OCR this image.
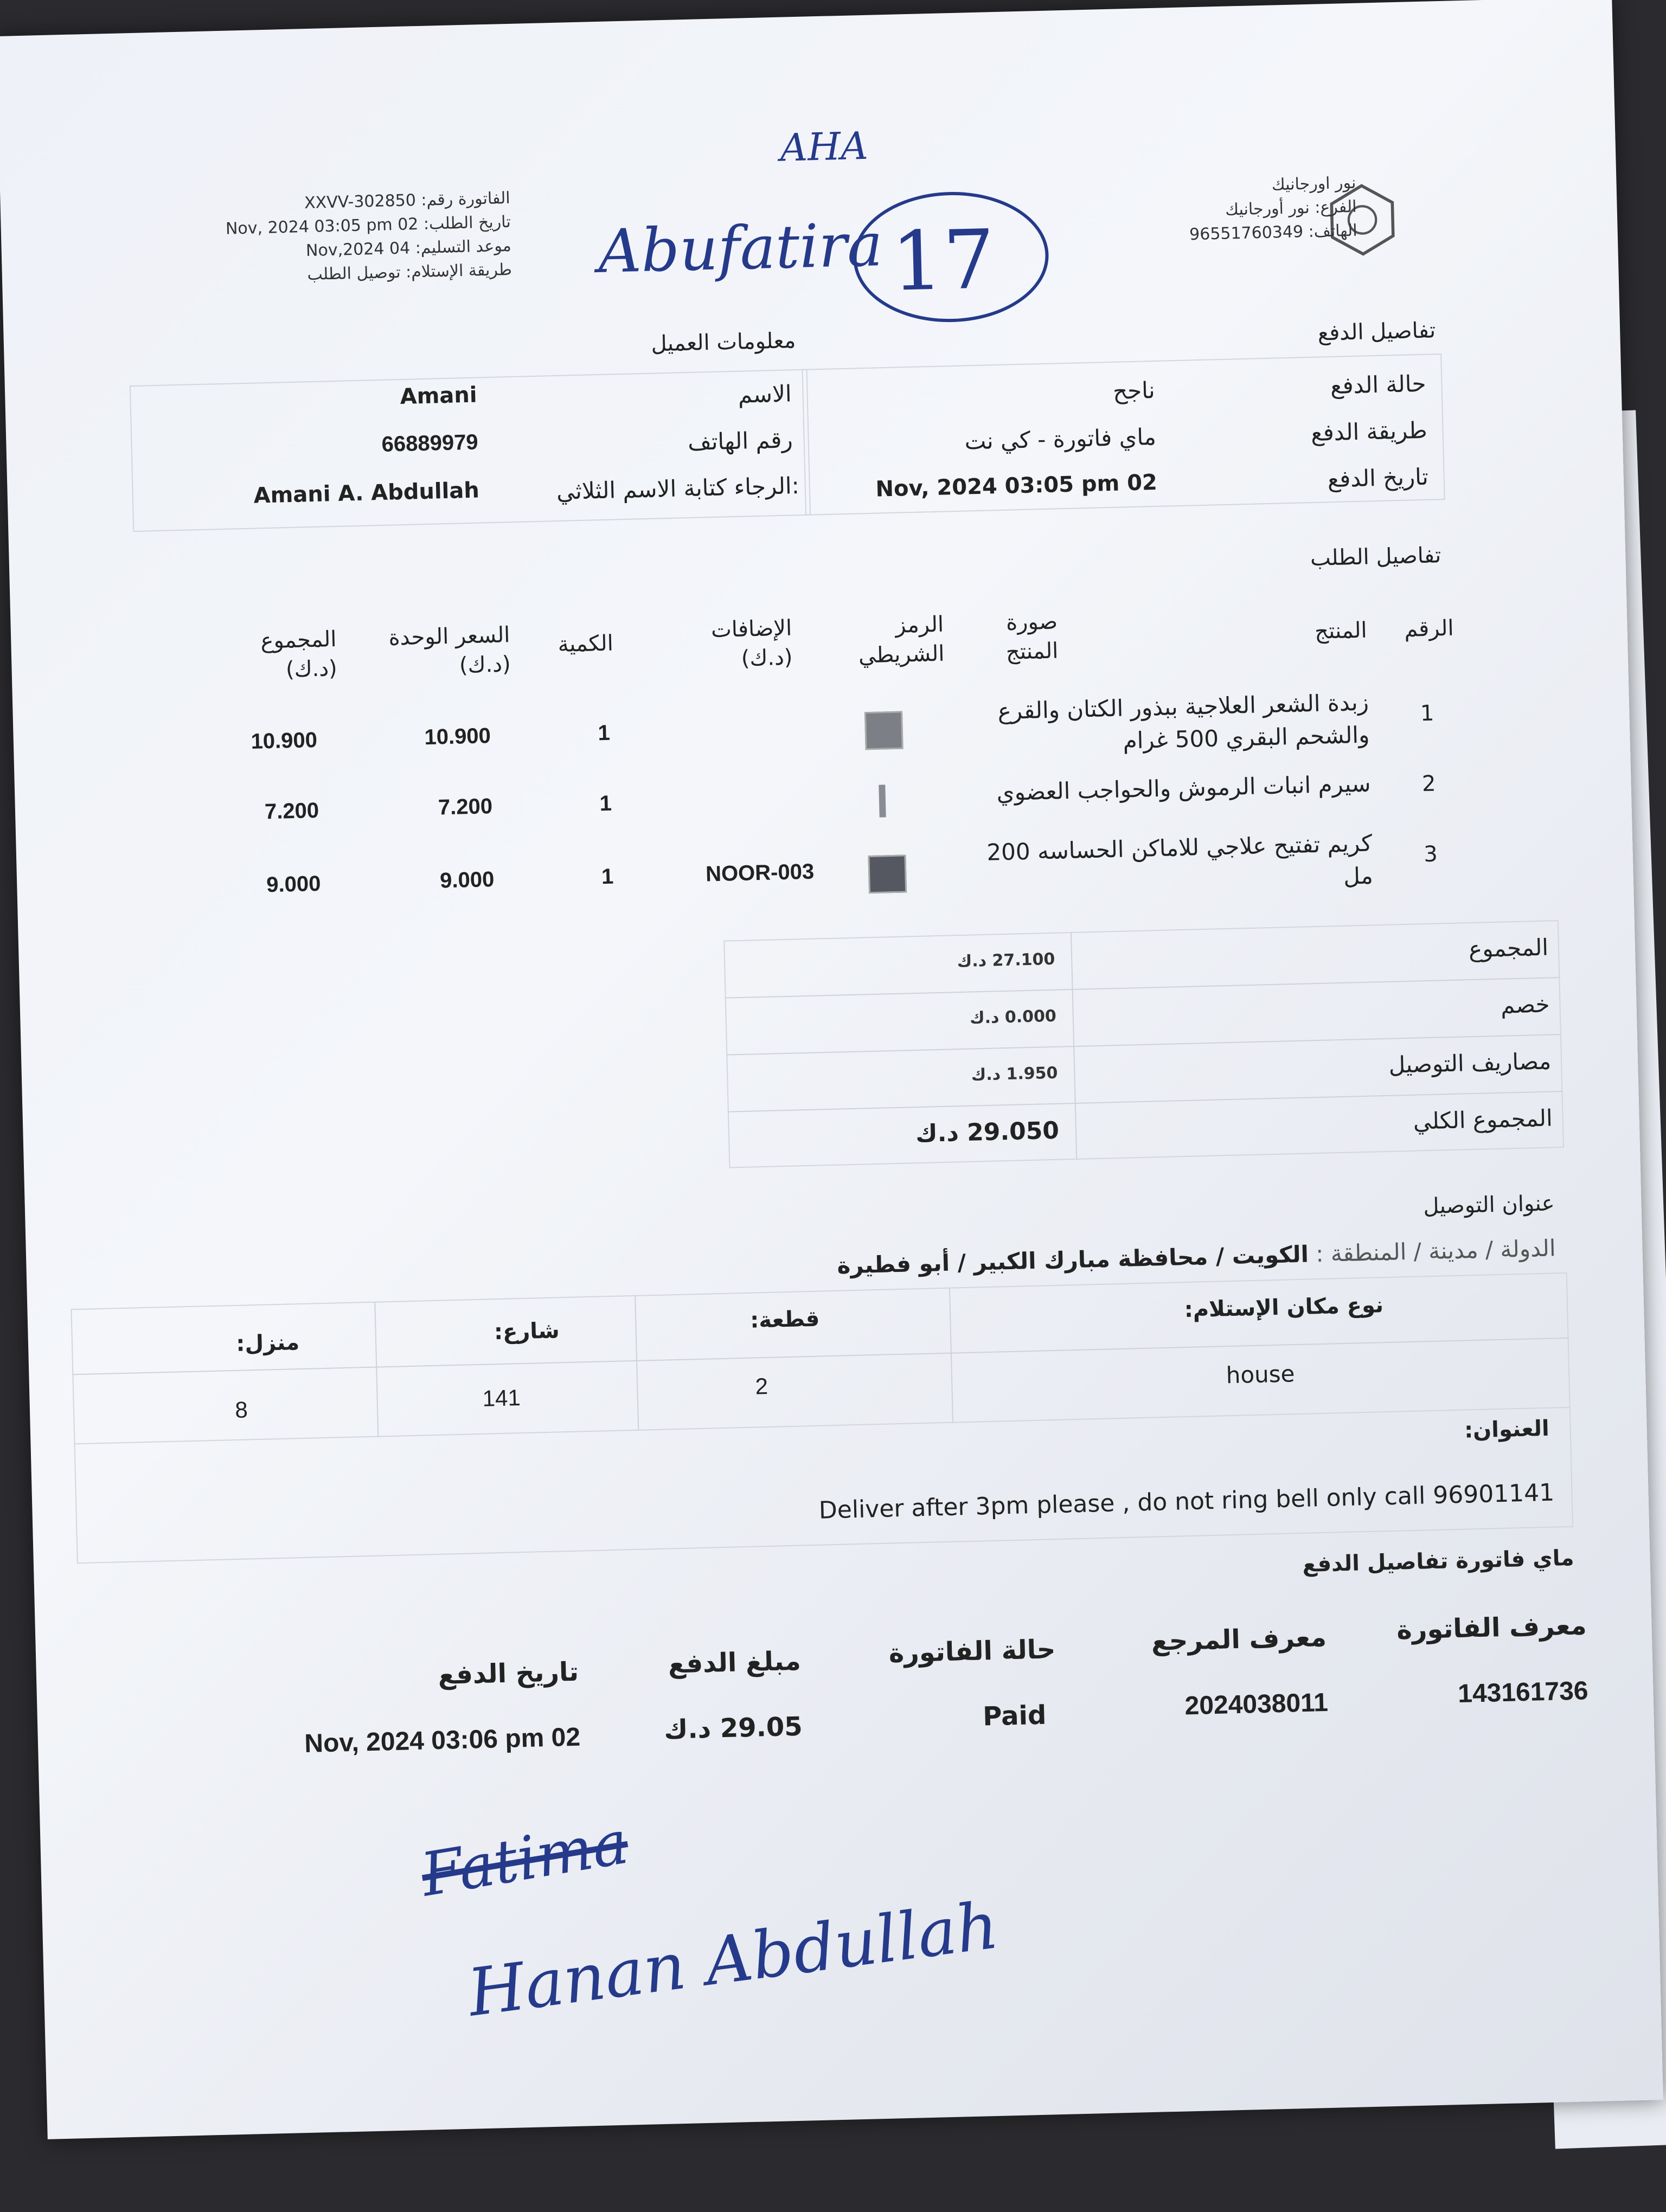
نور اورجانيك
الفرع: نور أورجانيك
الهاتف: 96551760349
الفاتورة رقم: XXVV-302850
تاريخ الطلب: 02 Nov, 2024 03:05 pm
موعد التسليم: 04 Nov,2024
طريقة الإستلام: توصيل الطلب
AHA
Abufatira 17
معلومات العميل	تفاصيل الدفع
الاسم
Amani
رقم الهاتف
66889979
:الرجاء كتابة الاسم الثلاثي
Amani A. Abdullah
حالة الدفع
ناجح
طريقة الدفع
ماي فاتورة - كي نت
تاريخ الدفع
02 Nov, 2024 03:05 pm
تفاصيل الطلب
الرقم
المنتج
صورة المنتج
الرمز الشريطي
الإضافات (د.ك)
الكمية
السعر الوحدة (د.ك)
المجموع (د.ك)
1
زبدة الشعر العلاجية ببذور الكتان والقرع والشحم البقري 500 غرام
1
10.900
10.900
2
سيرم انبات الرموش والحواجب العضوي
1
7.200
7.200
3
كريم تفتيح علاجي للاماكن الحساسه 200 مل
NOOR-003
1
9.000
9.000
المجموع
27.100 د.ك
خصم
0.000 د.ك
مصاريف التوصيل
1.950 د.ك
المجموع الكلي
29.050 د.ك
عنوان التوصيل
الدولة / مدينة / المنطقة : الكويت / محافظة مبارك الكبير / أبو فطيرة
نوع مكان الإستلام:
house
قطعة:
2
شارع:
141
منزل:
8
العنوان:
Deliver after 3pm please , do not ring bell only call 96901141
ماي فاتورة تفاصيل الدفع
معرف الفاتورة
معرف المرجع
حالة الفاتورة
مبلغ الدفع
تاريخ الدفع
143161736
2024038011
Paid
29.05 د.ك
02 Nov, 2024 03:06 pm
Fatima
Hanan Abdullah
